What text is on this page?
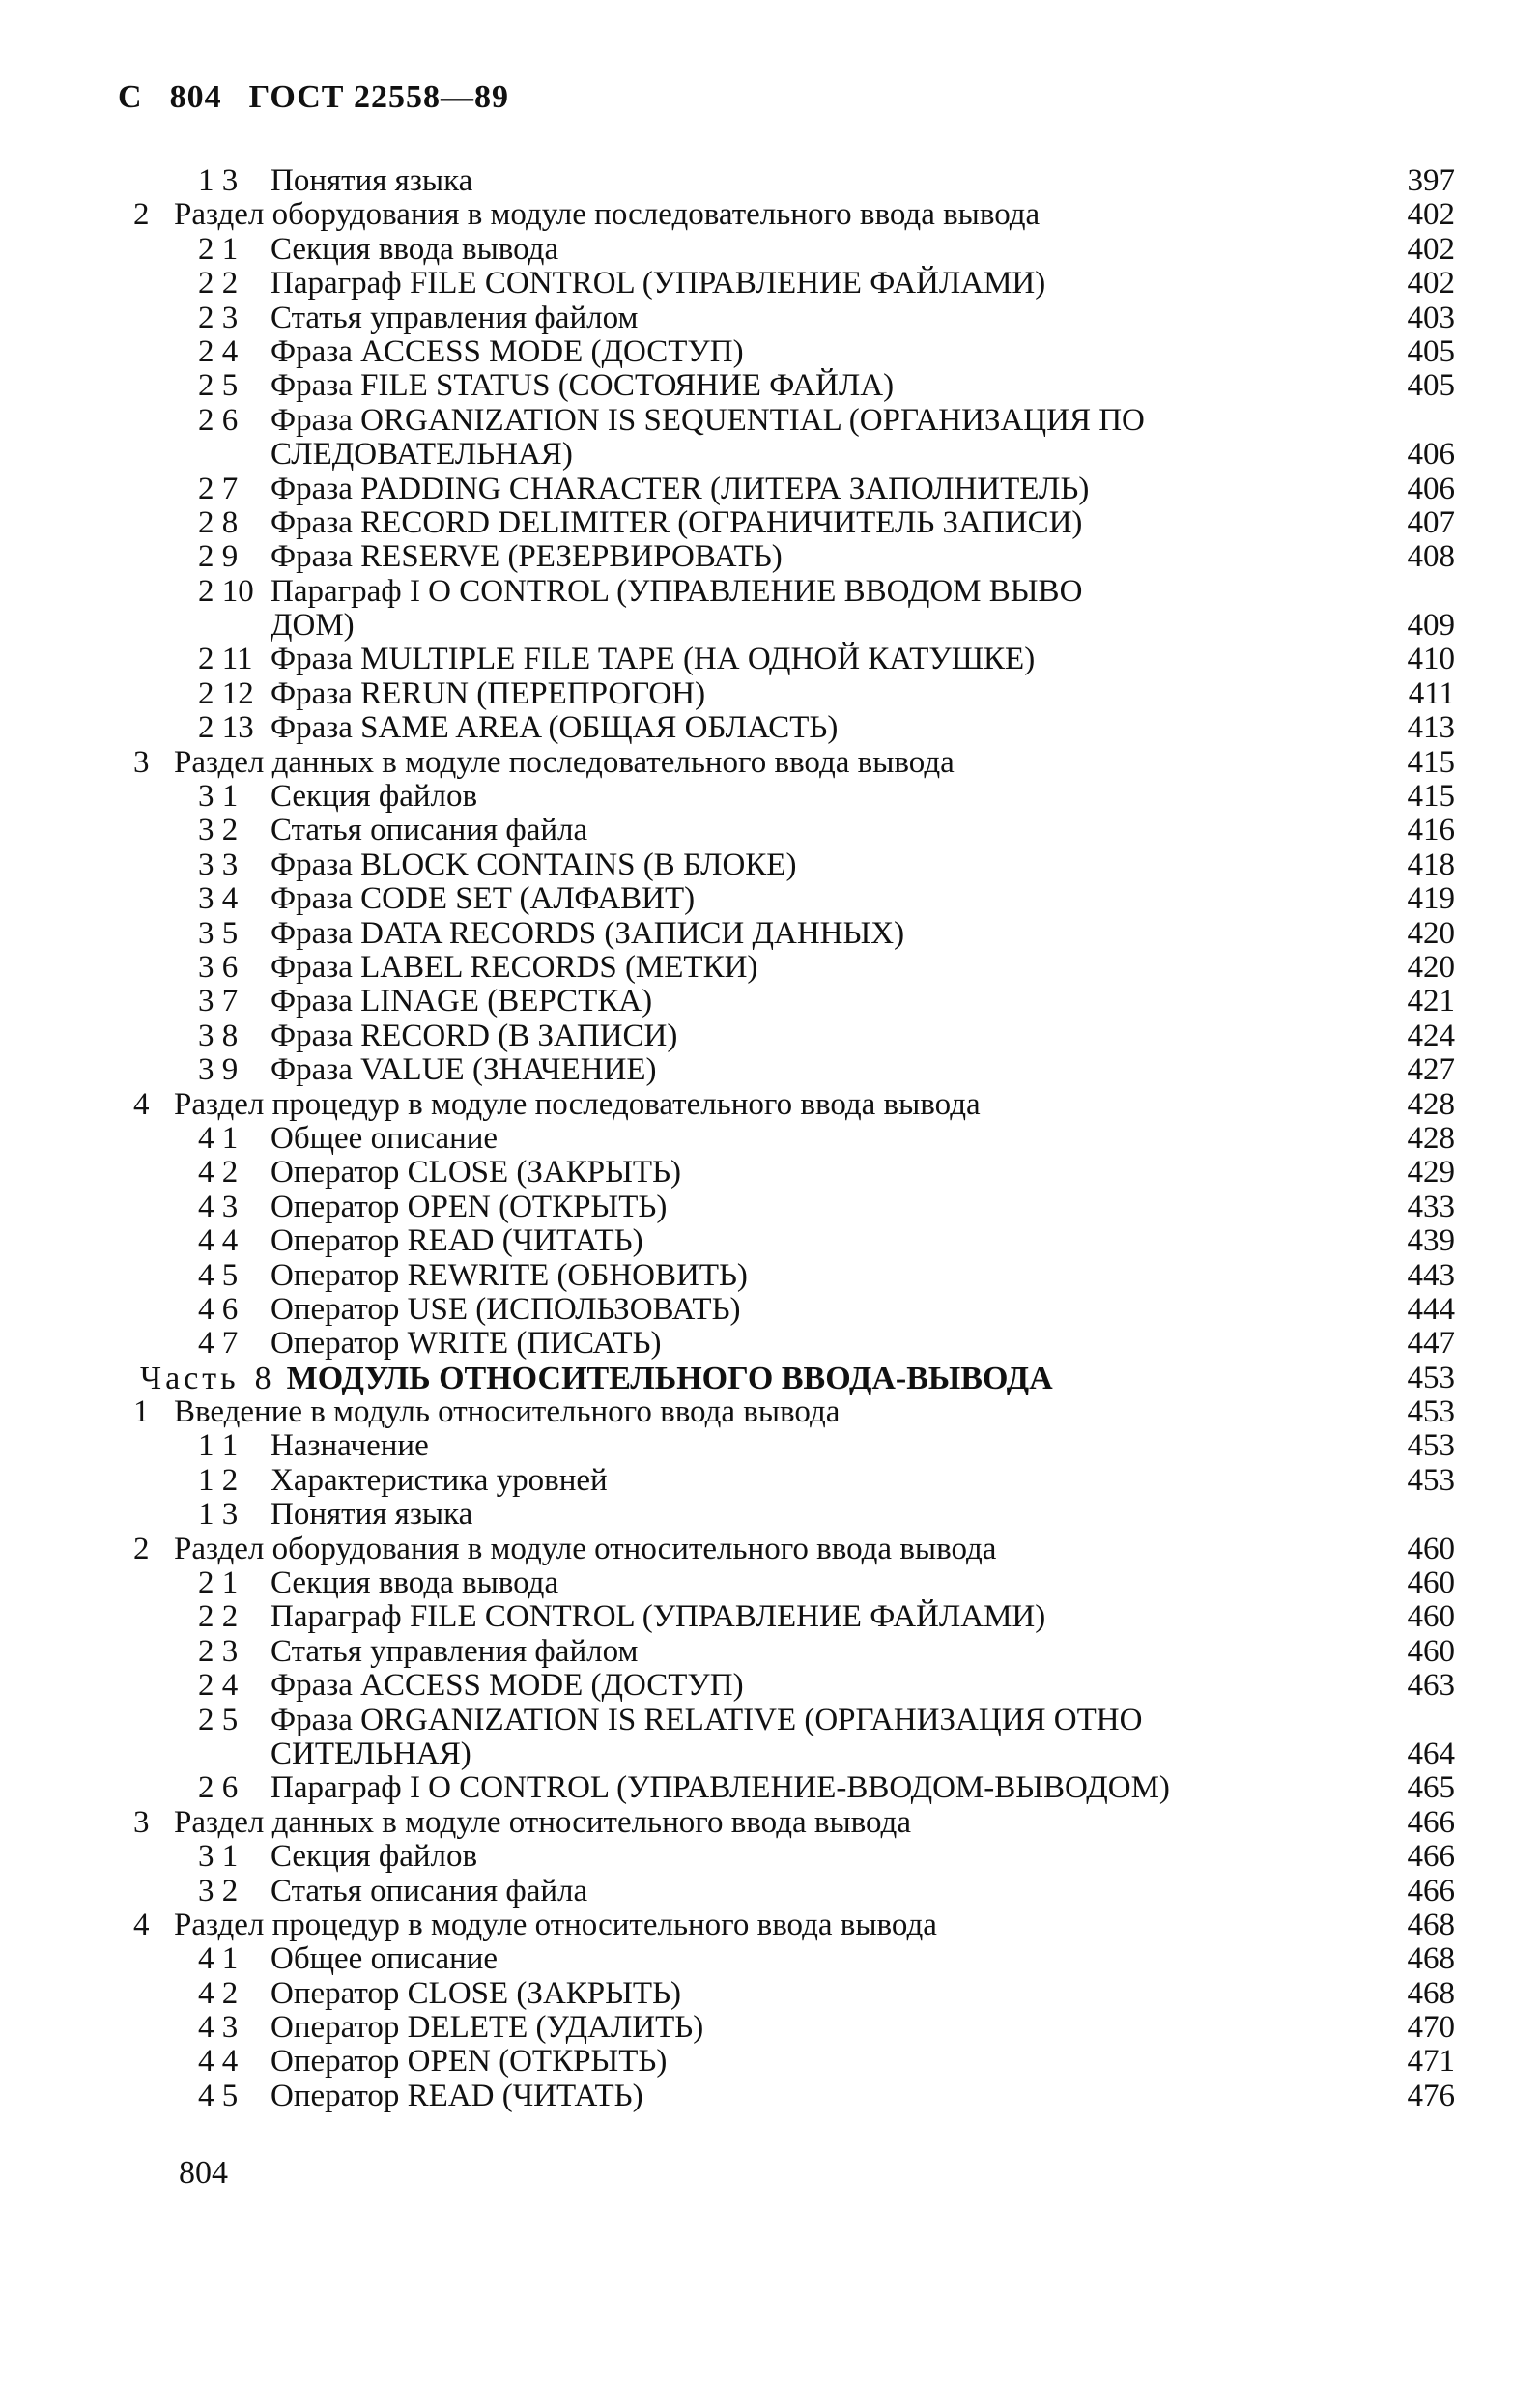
С 804 ГОСТ 22558—89
1 3 Понятия языка	397
2 Раздел оборудования в модуле последовательного ввода вывода	402
2 1 Секция ввода вывода	402
2 2 Параграф FILE CONTROL (УПРАВЛЕНИЕ ФАЙЛАМИ)	402
2 3 Статья управления файлом	403
2 4 Фраза ACCESS MODE (ДОСТУП)	405
2 5 Фраза FILE STATUS (СОСТОЯНИЕ ФАЙЛА)	405
2 6 Фраза ORGANIZATION IS SEQUENTIAL (ОРГАНИЗАЦИЯ ПО
СЛЕДОВАТЕЛЬНАЯ)	406
2 7 Фраза PADDING CHARACTER (ЛИТЕРА ЗАПОЛНИТЕЛЬ)	406
2 8 Фраза RECORD DELIMITER (ОГРАНИЧИТЕЛЬ ЗАПИСИ)	407
2 9 Фраза RESERVE (РЕЗЕРВИРОВАТЬ)	408
2 10 Параграф I O CONTROL (УПРАВЛЕНИЕ ВВОДОМ ВЫВО
ДОМ)	409
2 11 Фраза MULTIPLE FILE TAPE (НА ОДНОЙ КАТУШКЕ)	410
2 12 Фраза RERUN (ПЕРЕПРОГОН)	411
2 13 Фраза SAME AREA (ОБЩАЯ ОБЛАСТЬ)	413
3 Раздел данных в модуле последовательного ввода вывода	415
3 1 Секция файлов	415
3 2 Статья описания файла	416
3 3 Фраза BLOCK CONTAINS (В БЛОКЕ)	418
3 4 Фраза CODE SET (АЛФАВИТ)	419
3 5 Фраза DATA RECORDS (ЗАПИСИ ДАННЫХ)	420
3 6 Фраза LABEL RECORDS (МЕТКИ)	420
3 7 Фраза LINAGE (ВЕРСТКА)	421
3 8 Фраза RECORD (В ЗАПИСИ)	424
3 9 Фраза VALUE (ЗНАЧЕНИЕ)	427
4 Раздел процедур в модуле последовательного ввода вывода	428
4 1 Общее описание	428
4 2 Оператор CLOSE (ЗАКРЫТЬ)	429
4 3 Оператор OPEN (ОТКРЫТЬ)	433
4 4 Оператор READ (ЧИТАТЬ)	439
4 5 Оператор REWRITE (ОБНОВИТЬ)	443
4 6 Оператор USE (ИСПОЛЬЗОВАТЬ)	444
4 7 Оператор WRITE (ПИСАТЬ)	447
Часть 8 МОДУЛЬ ОТНОСИТЕЛЬНОГО ВВОДА-ВЫВОДА	453
1 Введение в модуль относительного ввода вывода	453
1 1 Назначение	453
1 2 Характеристика уровней	453
1 3 Понятия языка
2 Раздел оборудования в модуле относительного ввода вывода	460
2 1 Секция ввода вывода	460
2 2 Параграф FILE CONTROL (УПРАВЛЕНИЕ ФАЙЛАМИ)	460
2 3 Статья управления файлом	460
2 4 Фраза ACCESS MODE (ДОСТУП)	463
2 5 Фраза ORGANIZATION IS RELATIVE (ОРГАНИЗАЦИЯ ОТНО
СИТЕЛЬНАЯ)	464
2 6 Параграф I O CONTROL (УПРАВЛЕНИЕ-ВВОДОМ-ВЫВОДОМ)	465
3 Раздел данных в модуле относительного ввода вывода	466
3 1 Секция файлов	466
3 2 Статья описания файла	466
4 Раздел процедур в модуле относительного ввода вывода	468
4 1 Общее описание	468
4 2 Оператор CLOSE (ЗАКРЫТЬ)	468
4 3 Оператор DELETE (УДАЛИТЬ)	470
4 4 Оператор OPEN (ОТКРЫТЬ)	471
4 5 Оператор READ (ЧИТАТЬ)	476
804
